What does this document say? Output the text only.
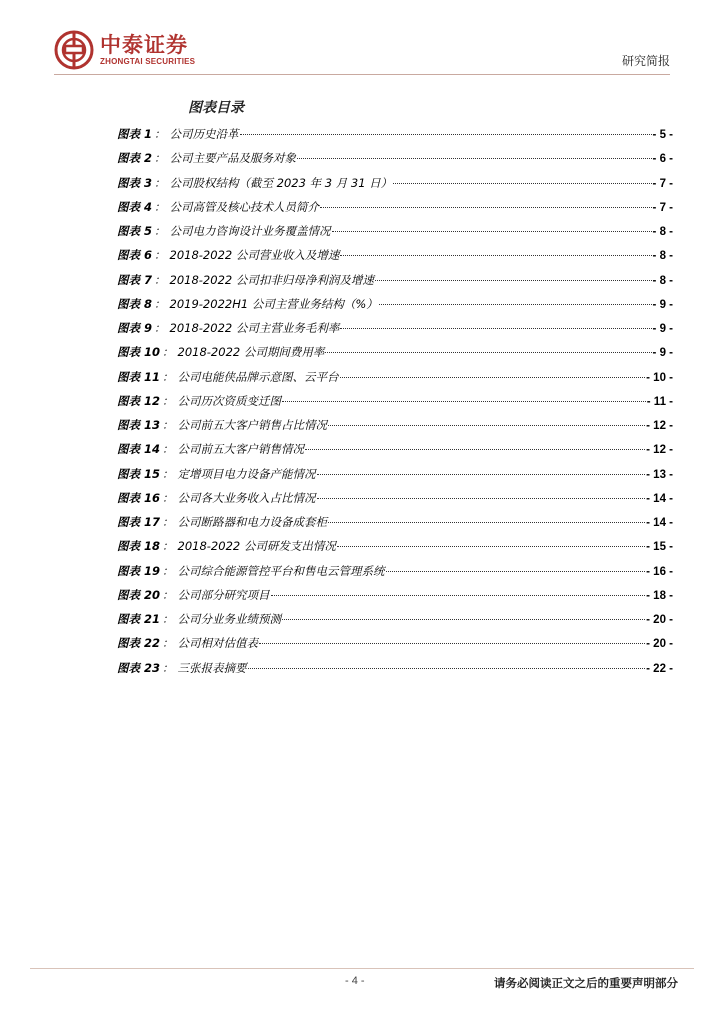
中泰证券
ZHONGTAI SECURITIES	研究简报
图表目录
图表 1 ： 公司历史沿革	- 5 -
图表 2 ： 公司主要产品及服务对象	- 6 -
图表 3 ： 公司股权结构（截至 2023 年 3 月 31 日）	- 7 -
图表 4 ： 公司高管及核心技术人员简介	- 7 -
图表 5 ： 公司电力咨询设计业务覆盖情况	- 8 -
图表 6 ： 2018-2022 公司营业收入及增速	- 8 -
图表 7 ： 2018-2022 公司扣非归母净利润及增速	- 8 -
图表 8 ： 2019-2022H1 公司主营业务结构（%）	- 9 -
图表 9 ： 2018-2022 公司主营业务毛利率	- 9 -
图表 10 ： 2018-2022 公司期间费用率	- 9 -
图表 11 ： 公司电能侠品牌示意图、云平台	- 10 -
图表 12 ： 公司历次资质变迁图	- 11 -
图表 13 ： 公司前五大客户销售占比情况	- 12 -
图表 14 ： 公司前五大客户销售情况	- 12 -
图表 15 ： 定增项目电力设备产能情况	- 13 -
图表 16 ： 公司各大业务收入占比情况	- 14 -
图表 17 ： 公司断路器和电力设备成套柜	- 14 -
图表 18 ： 2018-2022 公司研发支出情况	- 15 -
图表 19 ： 公司综合能源管控平台和售电云管理系统	- 16 -
图表 20 ： 公司部分研究项目	- 18 -
图表 21 ： 公司分业务业绩预测	- 20 -
图表 22 ： 公司相对估值表	- 20 -
图表 23 ： 三张报表摘要	- 22 -
- 4 -	请务必阅读正文之后的重要声明部分
